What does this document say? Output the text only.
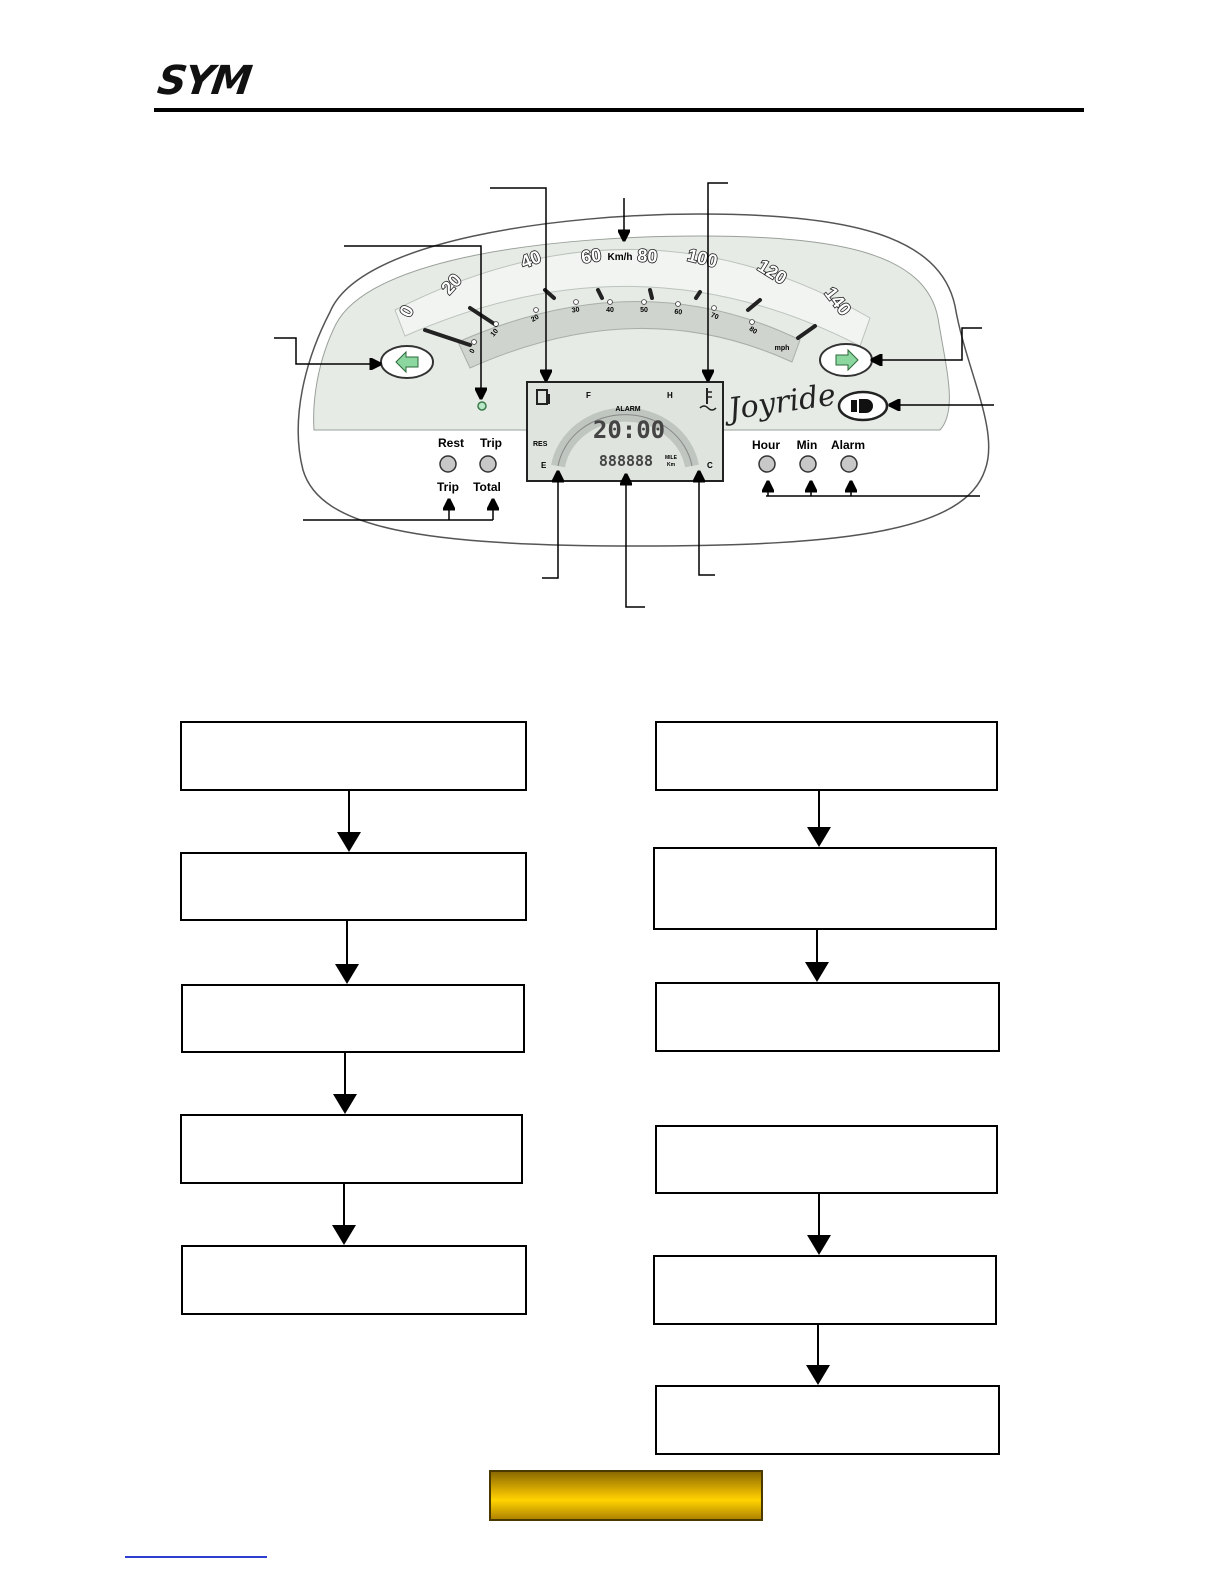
SYM
0
20
40 60 80 100 120
140
0
10
20
30	40	50	60	70
80
Km/h
mph
Joyride
F
E
RES
H
C
ALARM
20:00
888888 MILE
Km
Rest Trip
Trip Total
Hour Min Alarm
